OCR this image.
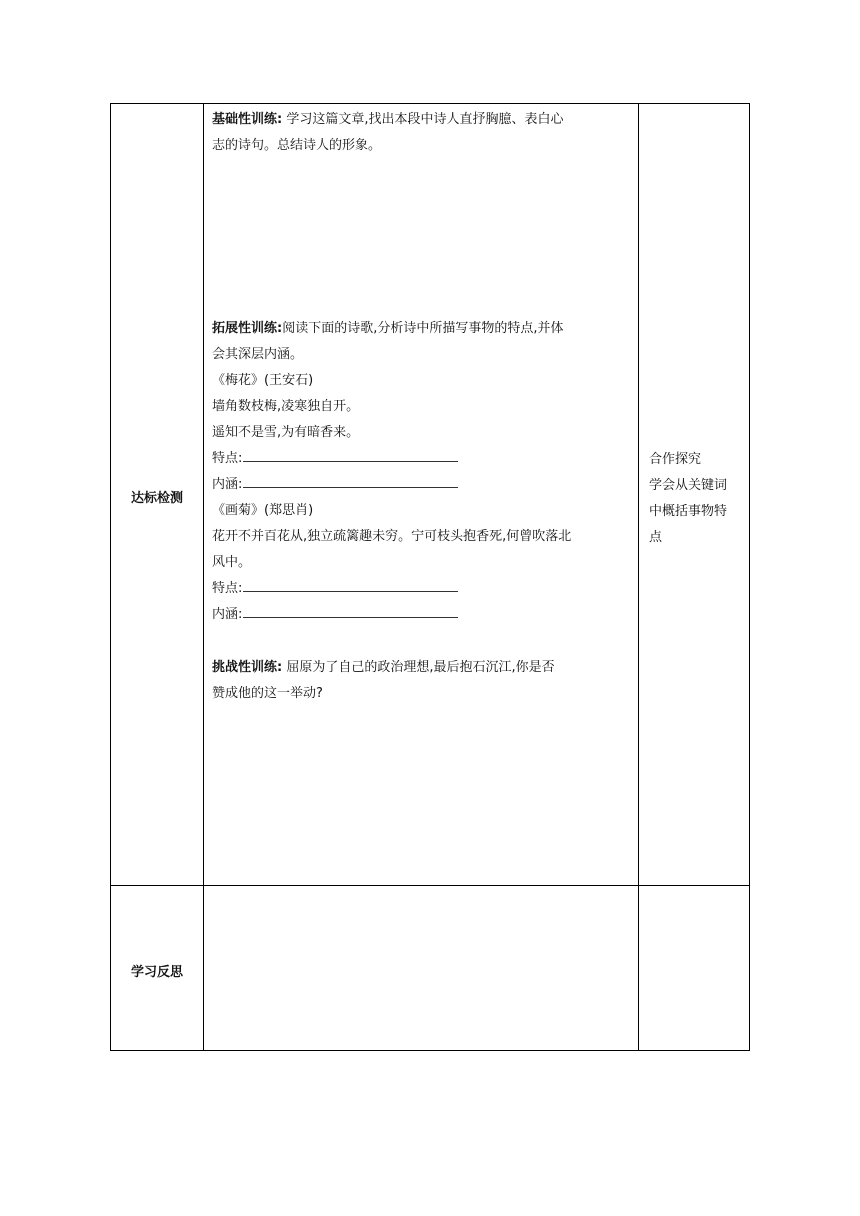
达标检测
学习反思
基础性训练: 学习这篇文章,找出本段中诗人直抒胸臆、表白心
志的诗句。总结诗人的形象。
拓展性训练:阅读下面的诗歌,分析诗中所描写事物的特点,并体
会其深层内涵。
《梅花》(王安石)
墙角数枝梅,凌寒独自开。
遥知不是雪,为有暗香来。
特点:
内涵:
《画菊》(郑思肖)
花开不并百花从,独立疏篱趣未穷。宁可枝头抱香死,何曾吹落北
风中。
特点:
内涵:
挑战性训练: 屈原为了自己的政治理想,最后抱石沉江,你是否
赞成他的这一举动?
合作探究
学会从关键词
中概括事物特
点
